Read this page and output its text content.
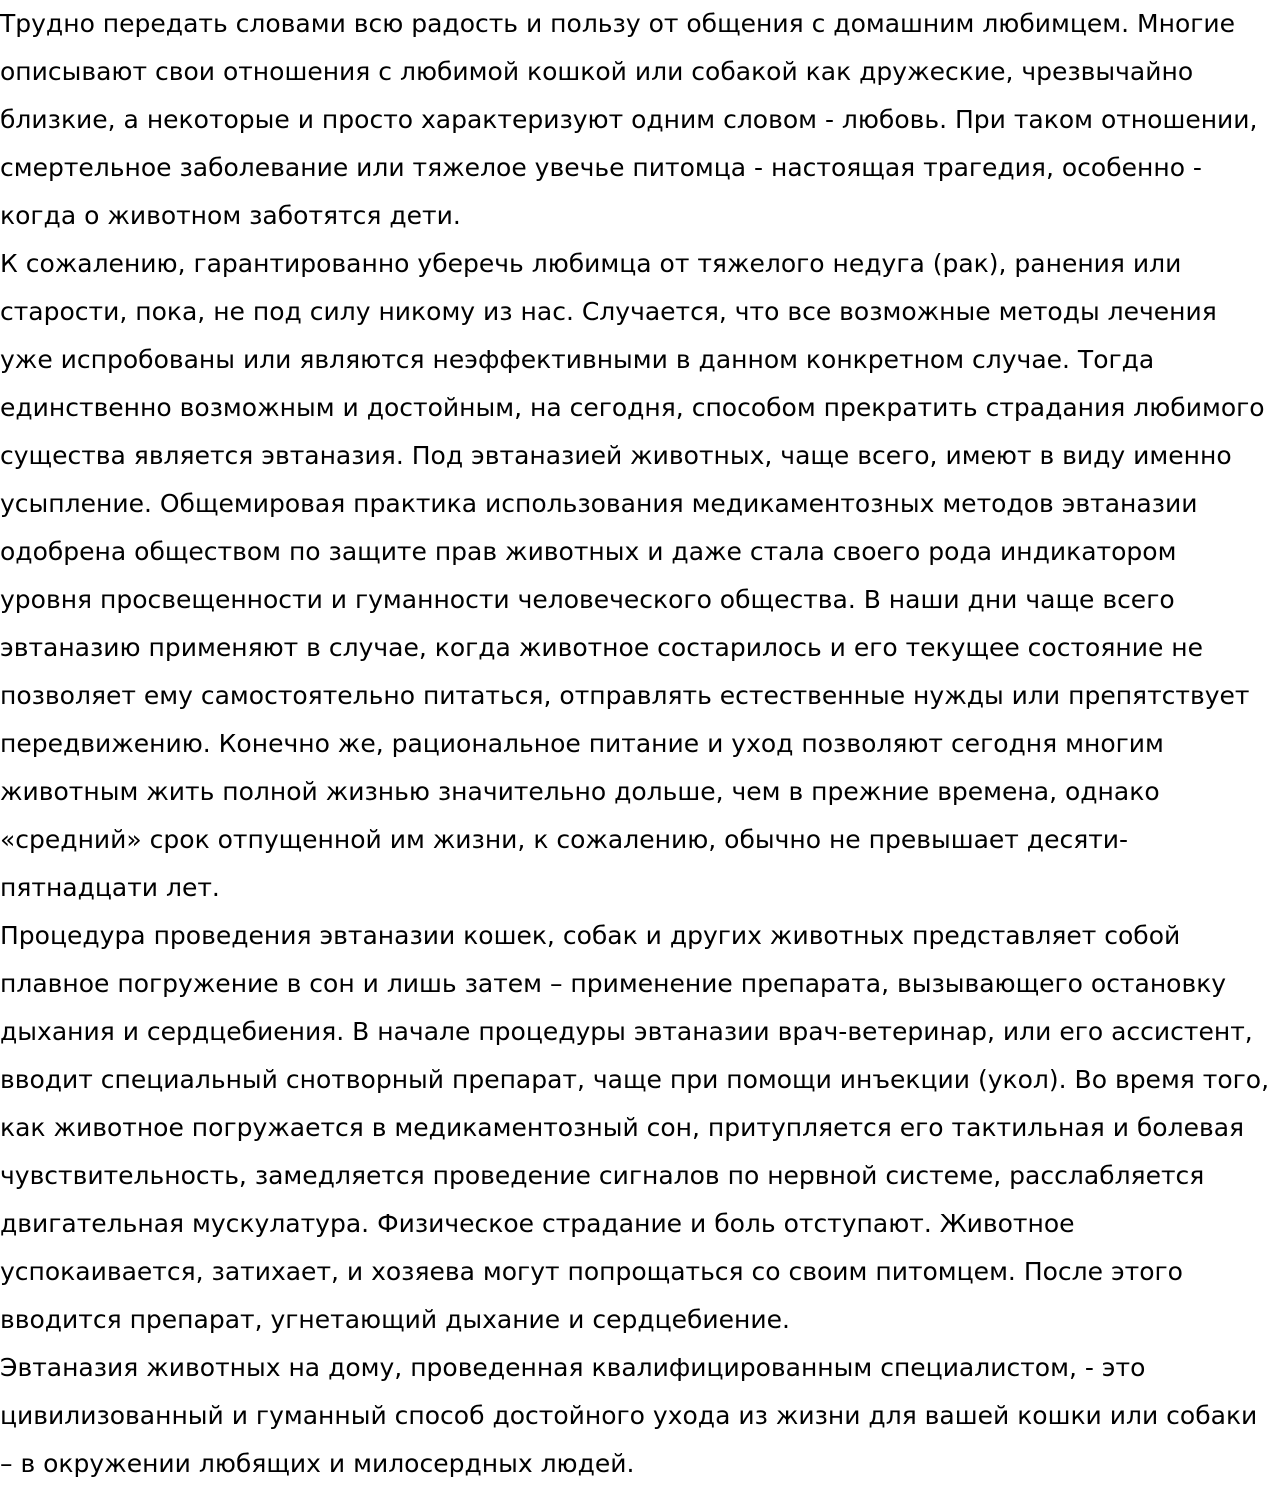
Трудно передать словами всю радость и пользу от общения с домашним любимцем. Многие описывают свои отношения с любимой кошкой или собакой как дружеские, чрезвычайно близкие, а некоторые и просто характеризуют одним словом - любовь. При таком отношении, смертельное заболевание или тяжелое увечье питомца - настоящая трагедия, особенно - когда о животном заботятся дети.

К сожалению, гарантированно уберечь любимца от тяжелого недуга (рак), ранения или старости, пока, не под силу никому из нас. Случается, что все возможные методы лечения уже испробованы или являются неэффективными в данном конкретном случае. Тогда единственно возможным и достойным, на сегодня, способом прекратить страдания любимого существа является эвтаназия. Под эвтаназией животных, чаще всего, имеют в виду именно усыпление. Общемировая практика использования медикаментозных методов эвтаназии одобрена обществом по защите прав животных и даже стала своего рода индикатором уровня просвещенности и гуманности человеческого общества. В наши дни чаще всего эвтаназию применяют в случае, когда животное состарилось и его текущее состояние не позволяет ему самостоятельно питаться, отправлять естественные нужды или препятствует передвижению. Конечно же, рациональное питание и уход позволяют сегодня многим животным жить полной жизнью значительно дольше, чем в прежние времена, однако «средний» срок отпущенной им жизни, к сожалению, обычно не превышает десяти-пятнадцати лет.

Процедура проведения эвтаназии кошек, собак и других животных представляет собой плавное погружение в сон и лишь затем – применение препарата, вызывающего остановку дыхания и сердцебиения. В начале процедуры эвтаназии врач-ветеринар, или его ассистент, вводит специальный снотворный препарат, чаще при помощи инъекции (укол). Во время того, как животное погружается в медикаментозный сон, притупляется его тактильная и болевая чувствительность, замедляется проведение сигналов по нервной системе, расслабляется двигательная мускулатура. Физическое страдание и боль отступают. Животное успокаивается, затихает, и хозяева могут попрощаться со своим питомцем. После этого вводится препарат, угнетающий дыхание и сердцебиение.

Эвтаназия животных на дому, проведенная квалифицированным специалистом, - это цивилизованный и гуманный способ достойного ухода из жизни для вашей кошки или собаки – в окружении любящих и милосердных людей.
